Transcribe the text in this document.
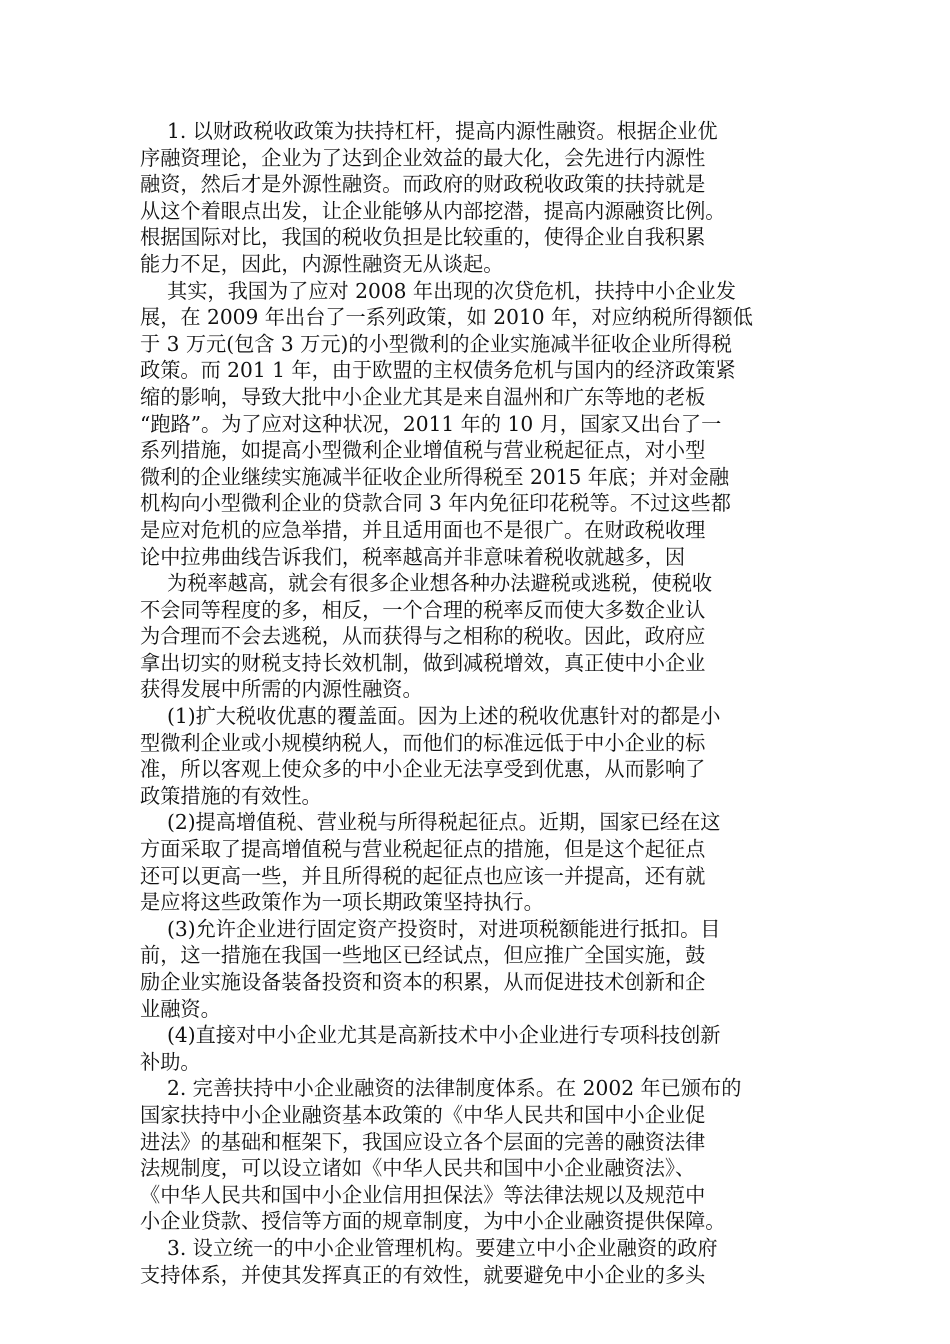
1. 以财政税收政策为扶持杠杆，提高内源性融资。根据企业优
序融资理论，企业为了达到企业效益的最大化，会先进行内源性
融资，然后才是外源性融资。而政府的财政税收政策的扶持就是
从这个着眼点出发，让企业能够从内部挖潜，提高内源融资比例。
根据国际对比，我国的税收负担是比较重的，使得企业自我积累
能力不足，因此，内源性融资无从谈起。
其实，我国为了应对 2008 年出现的次贷危机，扶持中小企业发
展，在 2009 年出台了一系列政策，如 2010 年，对应纳税所得额低
于 3 万元(包含 3 万元)的小型微利的企业实施减半征收企业所得税
政策。而 201 1 年，由于欧盟的主权债务危机与国内的经济政策紧
缩的影响，导致大批中小企业尤其是来自温州和广东等地的老板
“跑路”。为了应对这种状况，2011 年的 10 月，国家又出台了一
系列措施，如提高小型微利企业增值税与营业税起征点，对小型
微利的企业继续实施减半征收企业所得税至 2015 年底；并对金融
机构向小型微利企业的贷款合同 3 年内免征印花税等。不过这些都
是应对危机的应急举措，并且适用面也不是很广。在财政税收理
论中拉弗曲线告诉我们，税率越高并非意味着税收就越多，因
为税率越高，就会有很多企业想各种办法避税或逃税，使税收
不会同等程度的多，相反，一个合理的税率反而使大多数企业认
为合理而不会去逃税，从而获得与之相称的税收。因此，政府应
拿出切实的财税支持长效机制，做到减税增效，真正使中小企业
获得发展中所需的内源性融资。
(1)扩大税收优惠的覆盖面。因为上述的税收优惠针对的都是小
型微利企业或小规模纳税人，而他们的标准远低于中小企业的标
准，所以客观上使众多的中小企业无法享受到优惠，从而影响了
政策措施的有效性。
(2)提高增值税、营业税与所得税起征点。近期，国家已经在这
方面采取了提高增值税与营业税起征点的措施，但是这个起征点
还可以更高一些，并且所得税的起征点也应该一并提高，还有就
是应将这些政策作为一项长期政策坚持执行。
(3)允许企业进行固定资产投资时，对进项税额能进行抵扣。目
前，这一措施在我国一些地区已经试点，但应推广全国实施，鼓
励企业实施设备装备投资和资本的积累，从而促进技术创新和企
业融资。
(4)直接对中小企业尤其是高新技术中小企业进行专项科技创新
补助。
2. 完善扶持中小企业融资的法律制度体系。在 2002 年已颁布的
国家扶持中小企业融资基本政策的《中华人民共和国中小企业促
进法》的基础和框架下，我国应设立各个层面的完善的融资法律
法规制度，可以设立诸如《中华人民共和国中小企业融资法》、
《中华人民共和国中小企业信用担保法》等法律法规以及规范中
小企业贷款、授信等方面的规章制度，为中小企业融资提供保障。
3. 设立统一的中小企业管理机构。要建立中小企业融资的政府
支持体系，并使其发挥真正的有效性，就要避免中小企业的多头
